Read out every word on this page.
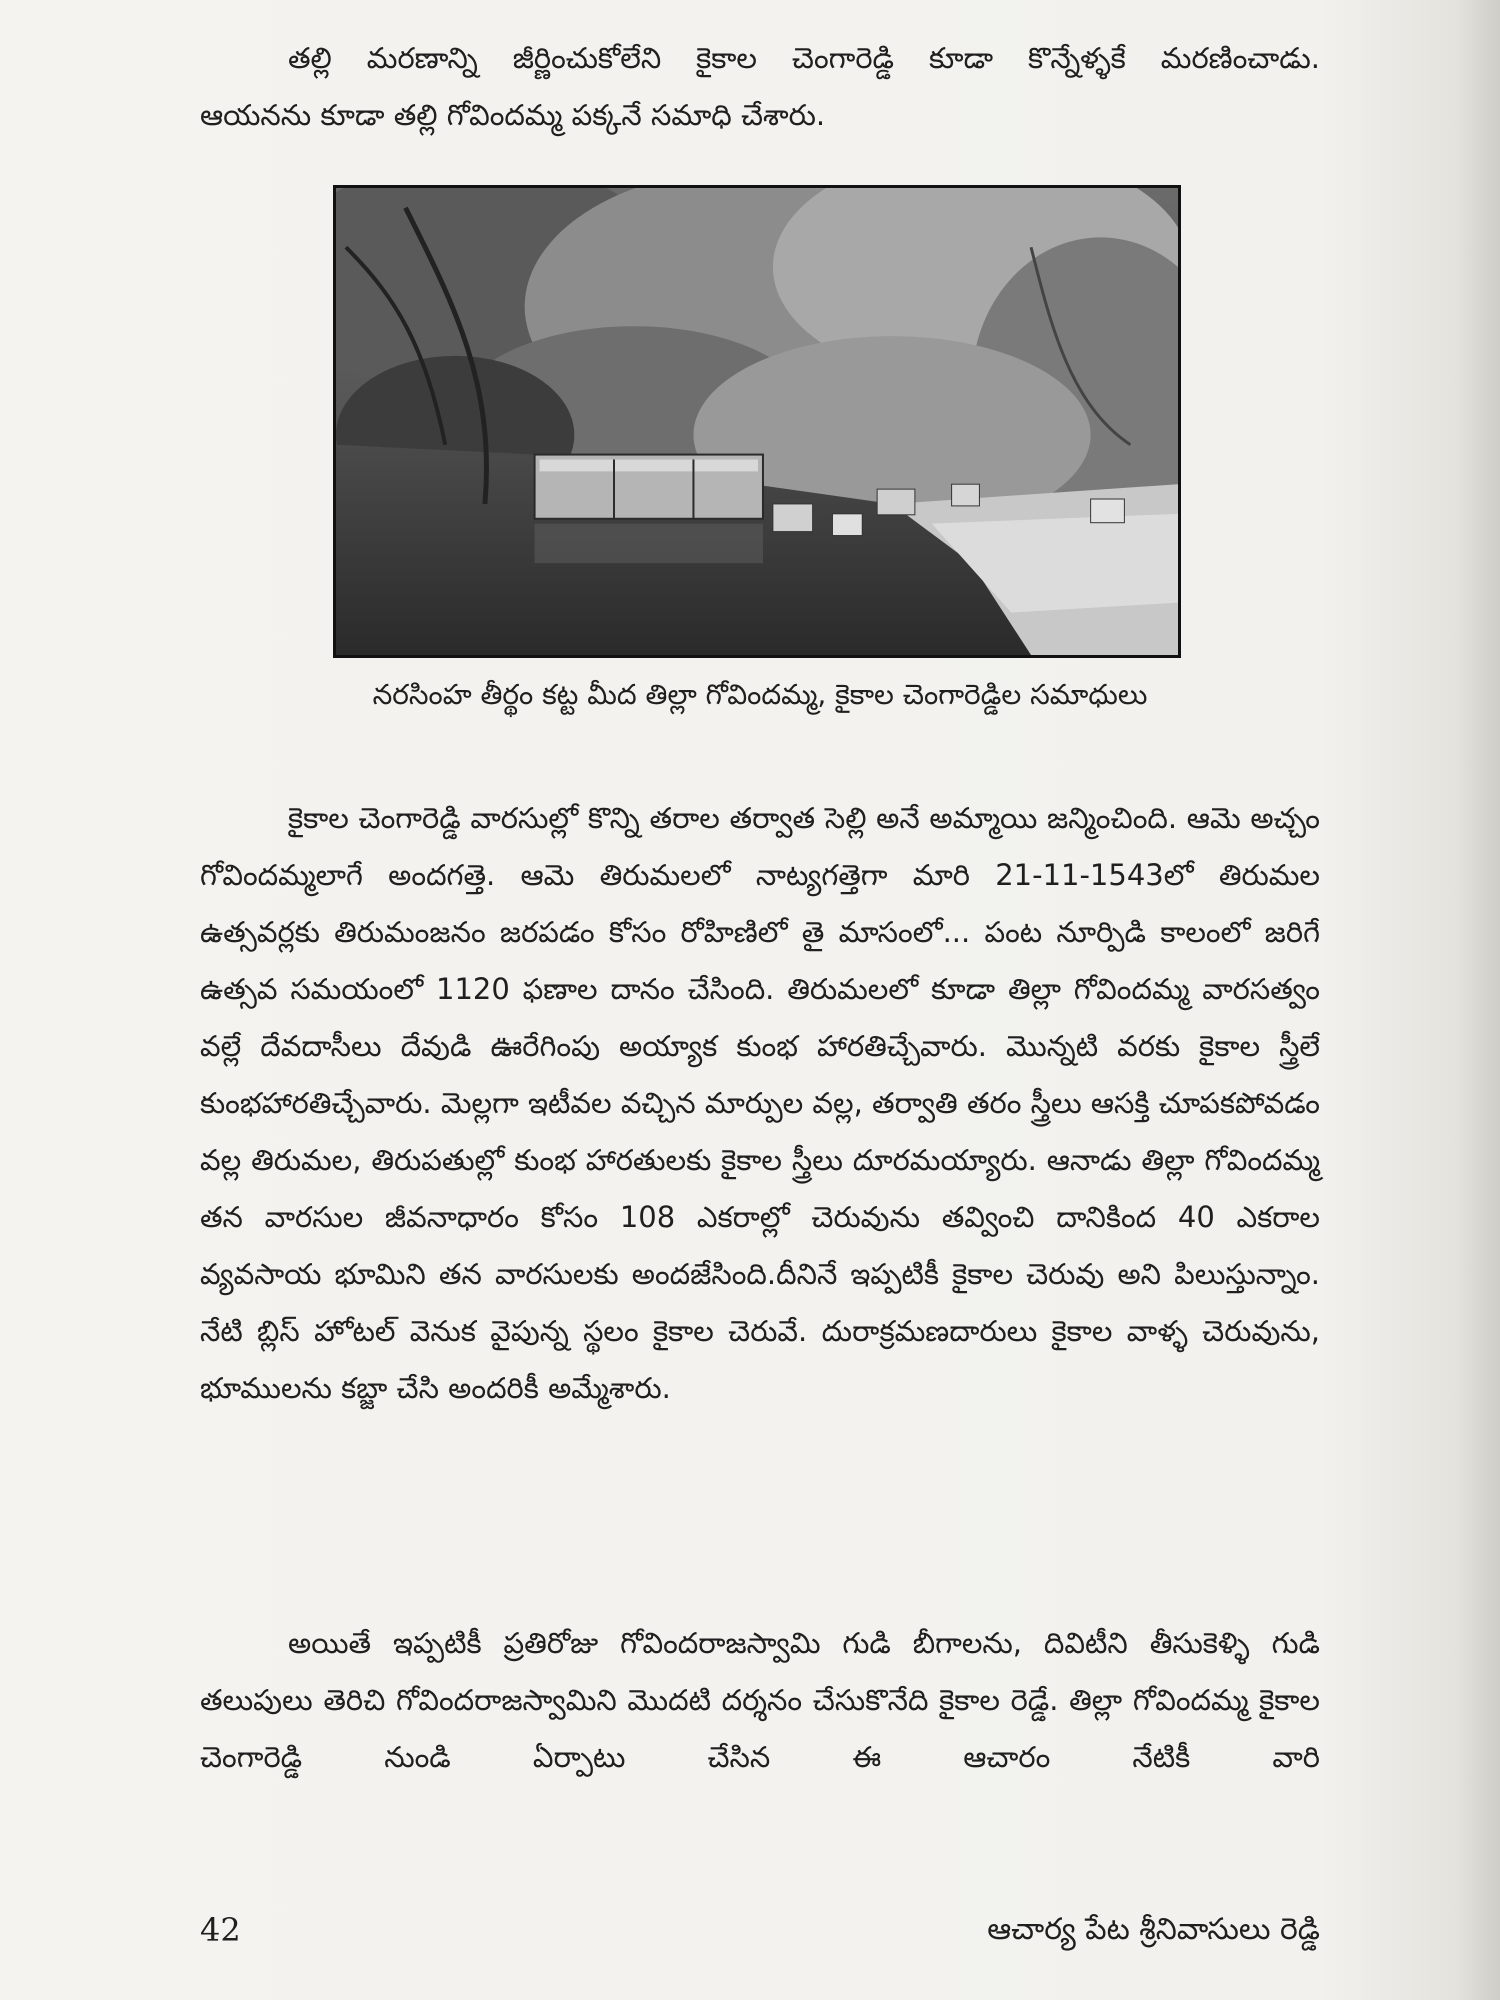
తల్లి మరణాన్ని జీర్ణించుకోలేని కైకాల చెంగారెడ్డి కూడా కొన్నేళ్ళకే మరణించాడు.

ఆయనను కూడా తల్లి గోవిందమ్మ పక్కనే సమాధి చేశారు.

నరసింహ తీర్థం కట్ట మీద తిల్లా గోవిందమ్మ, కైకాల చెంగారెడ్డిల సమాధులు

కైకాల చెంగారెడ్డి వారసుల్లో కొన్ని తరాల తర్వాత సెల్లి అనే అమ్మాయి జన్మించింది. ఆమె అచ్చం గోవిందమ్మలాగే అందగత్తె. ఆమె తిరుమలలో నాట్యగత్తెగా మారి 21-11-1543లో తిరుమల ఉత్సవర్లకు తిరుమంజనం జరపడం కోసం రోహిణిలో తై మాసంలో... పంట నూర్పిడి కాలంలో జరిగే ఉత్సవ సమయంలో 1120 ఫణాల దానం చేసింది. తిరుమలలో కూడా తిల్లా గోవిందమ్మ వారసత్వం వల్లే దేవదాసీలు దేవుడి ఊరేగింపు అయ్యాక కుంభ హారతిచ్చేవారు. మొన్నటి వరకు కైకాల స్త్రీలే కుంభహారతిచ్చేవారు. మెల్లగా ఇటీవల వచ్చిన మార్పుల వల్ల, తర్వాతి తరం స్త్రీలు ఆసక్తి చూపకపోవడం వల్ల తిరుమల, తిరుపతుల్లో కుంభ హారతులకు కైకాల స్త్రీలు దూరమయ్యారు. ఆనాడు తిల్లా గోవిందమ్మ తన వారసుల జీవనాధారం కోసం 108 ఎకరాల్లో చెరువును తవ్వించి దానికింద 40 ఎకరాల వ్యవసాయ భూమిని తన వారసులకు అందజేసింది.దీనినే ఇప్పటికీ కైకాల చెరువు అని పిలుస్తున్నాం. నేటి బ్లిస్ హోటల్ వెనుక వైపున్న స్థలం కైకాల చెరువే. దురాక్రమణదారులు కైకాల వాళ్ళ చెరువును, భూములను కబ్జా చేసి అందరికీ అమ్మేశారు.

అయితే ఇప్పటికీ ప్రతిరోజు గోవిందరాజస్వామి గుడి బీగాలను, దివిటీని తీసుకెళ్ళి గుడి తలుపులు తెరిచి గోవిందరాజస్వామిని మొదటి దర్శనం చేసుకొనేది కైకాల రెడ్డే. తిల్లా గోవిందమ్మ కైకాల చెంగారెడ్డి నుండి ఏర్పాటు చేసిన ఈ ఆచారం నేటికీ వారి

42	ఆచార్య పేట శ్రీనివాసులు రెడ్డి
